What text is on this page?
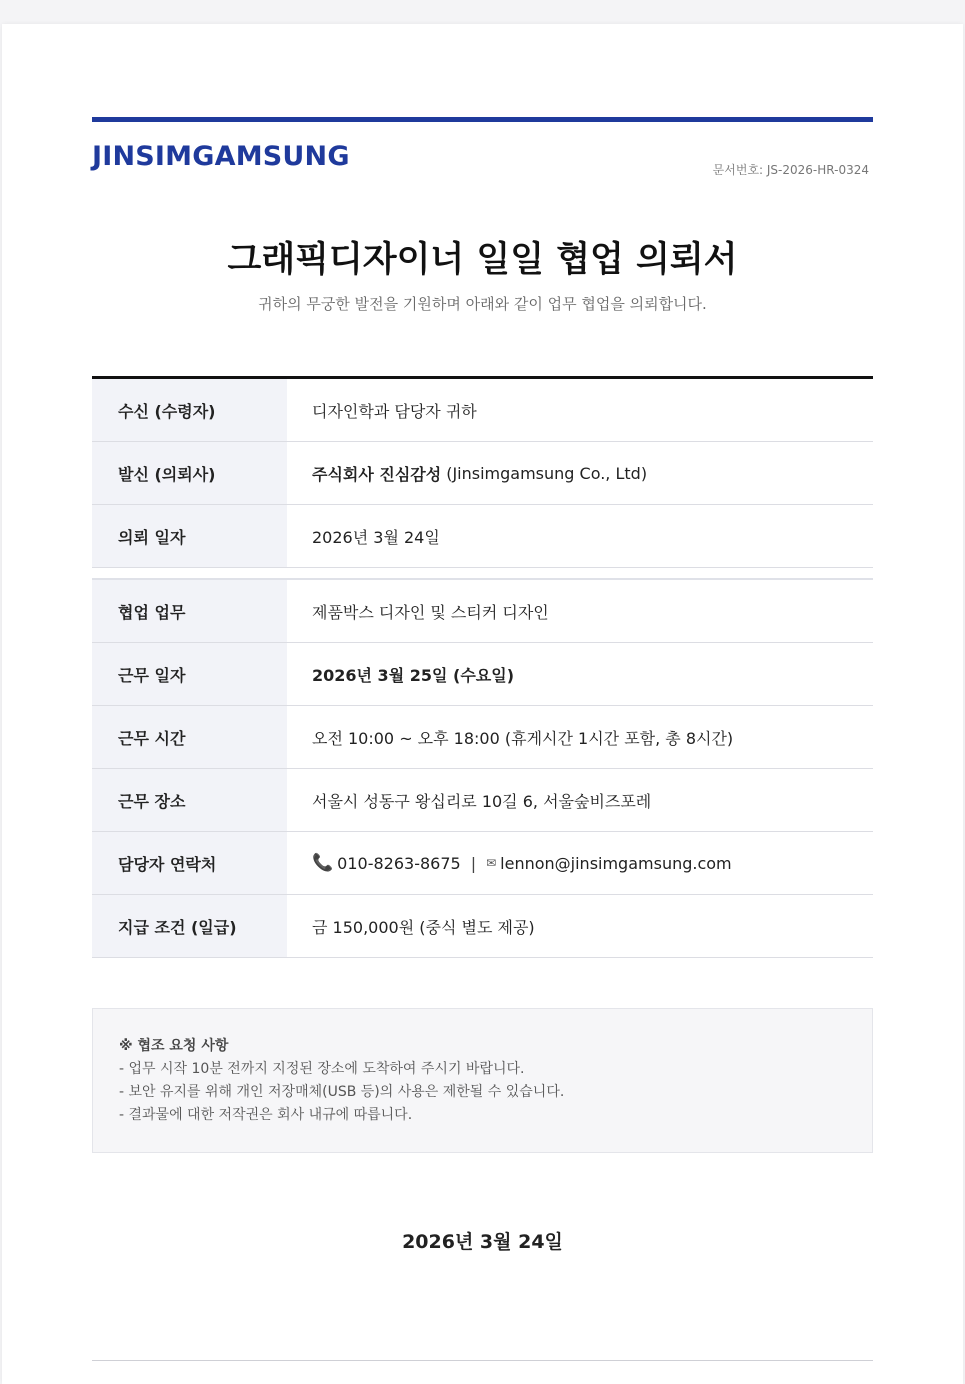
JINSIMGAMSUNG	문서번호: JS-2026-HR-0324
그래픽디자이너 일일 협업 의뢰서
귀하의 무궁한 발전을 기원하며 아래와 같이 업무 협업을 의뢰합니다.
수신 (수령자)	디자인학과 담당자 귀하
발신 (의뢰사)	주식회사 진심감성 (Jinsimgamsung Co., Ltd)
의뢰 일자	2026년 3월 24일
협업 업무	제품박스 디자인 및 스티커 디자인
근무 일자	2026년 3월 25일 (수요일)
근무 시간	오전 10:00 ~ 오후 18:00 (휴게시간 1시간 포함, 총 8시간)
근무 장소	서울시 성동구 왕십리로 10길 6, 서울숲비즈포레
담당자 연락처	📞 010-8263-8675 | ✉ lennon@jinsimgamsung.com
지급 조건 (일급)	금 150,000원 (중식 별도 제공)
※ 협조 요청 사항
- 업무 시작 10분 전까지 지정된 장소에 도착하여 주시기 바랍니다.
- 보안 유지를 위해 개인 저장매체(USB 등)의 사용은 제한될 수 있습니다.
- 결과물에 대한 저작권은 회사 내규에 따릅니다.
2026년 3월 24일
